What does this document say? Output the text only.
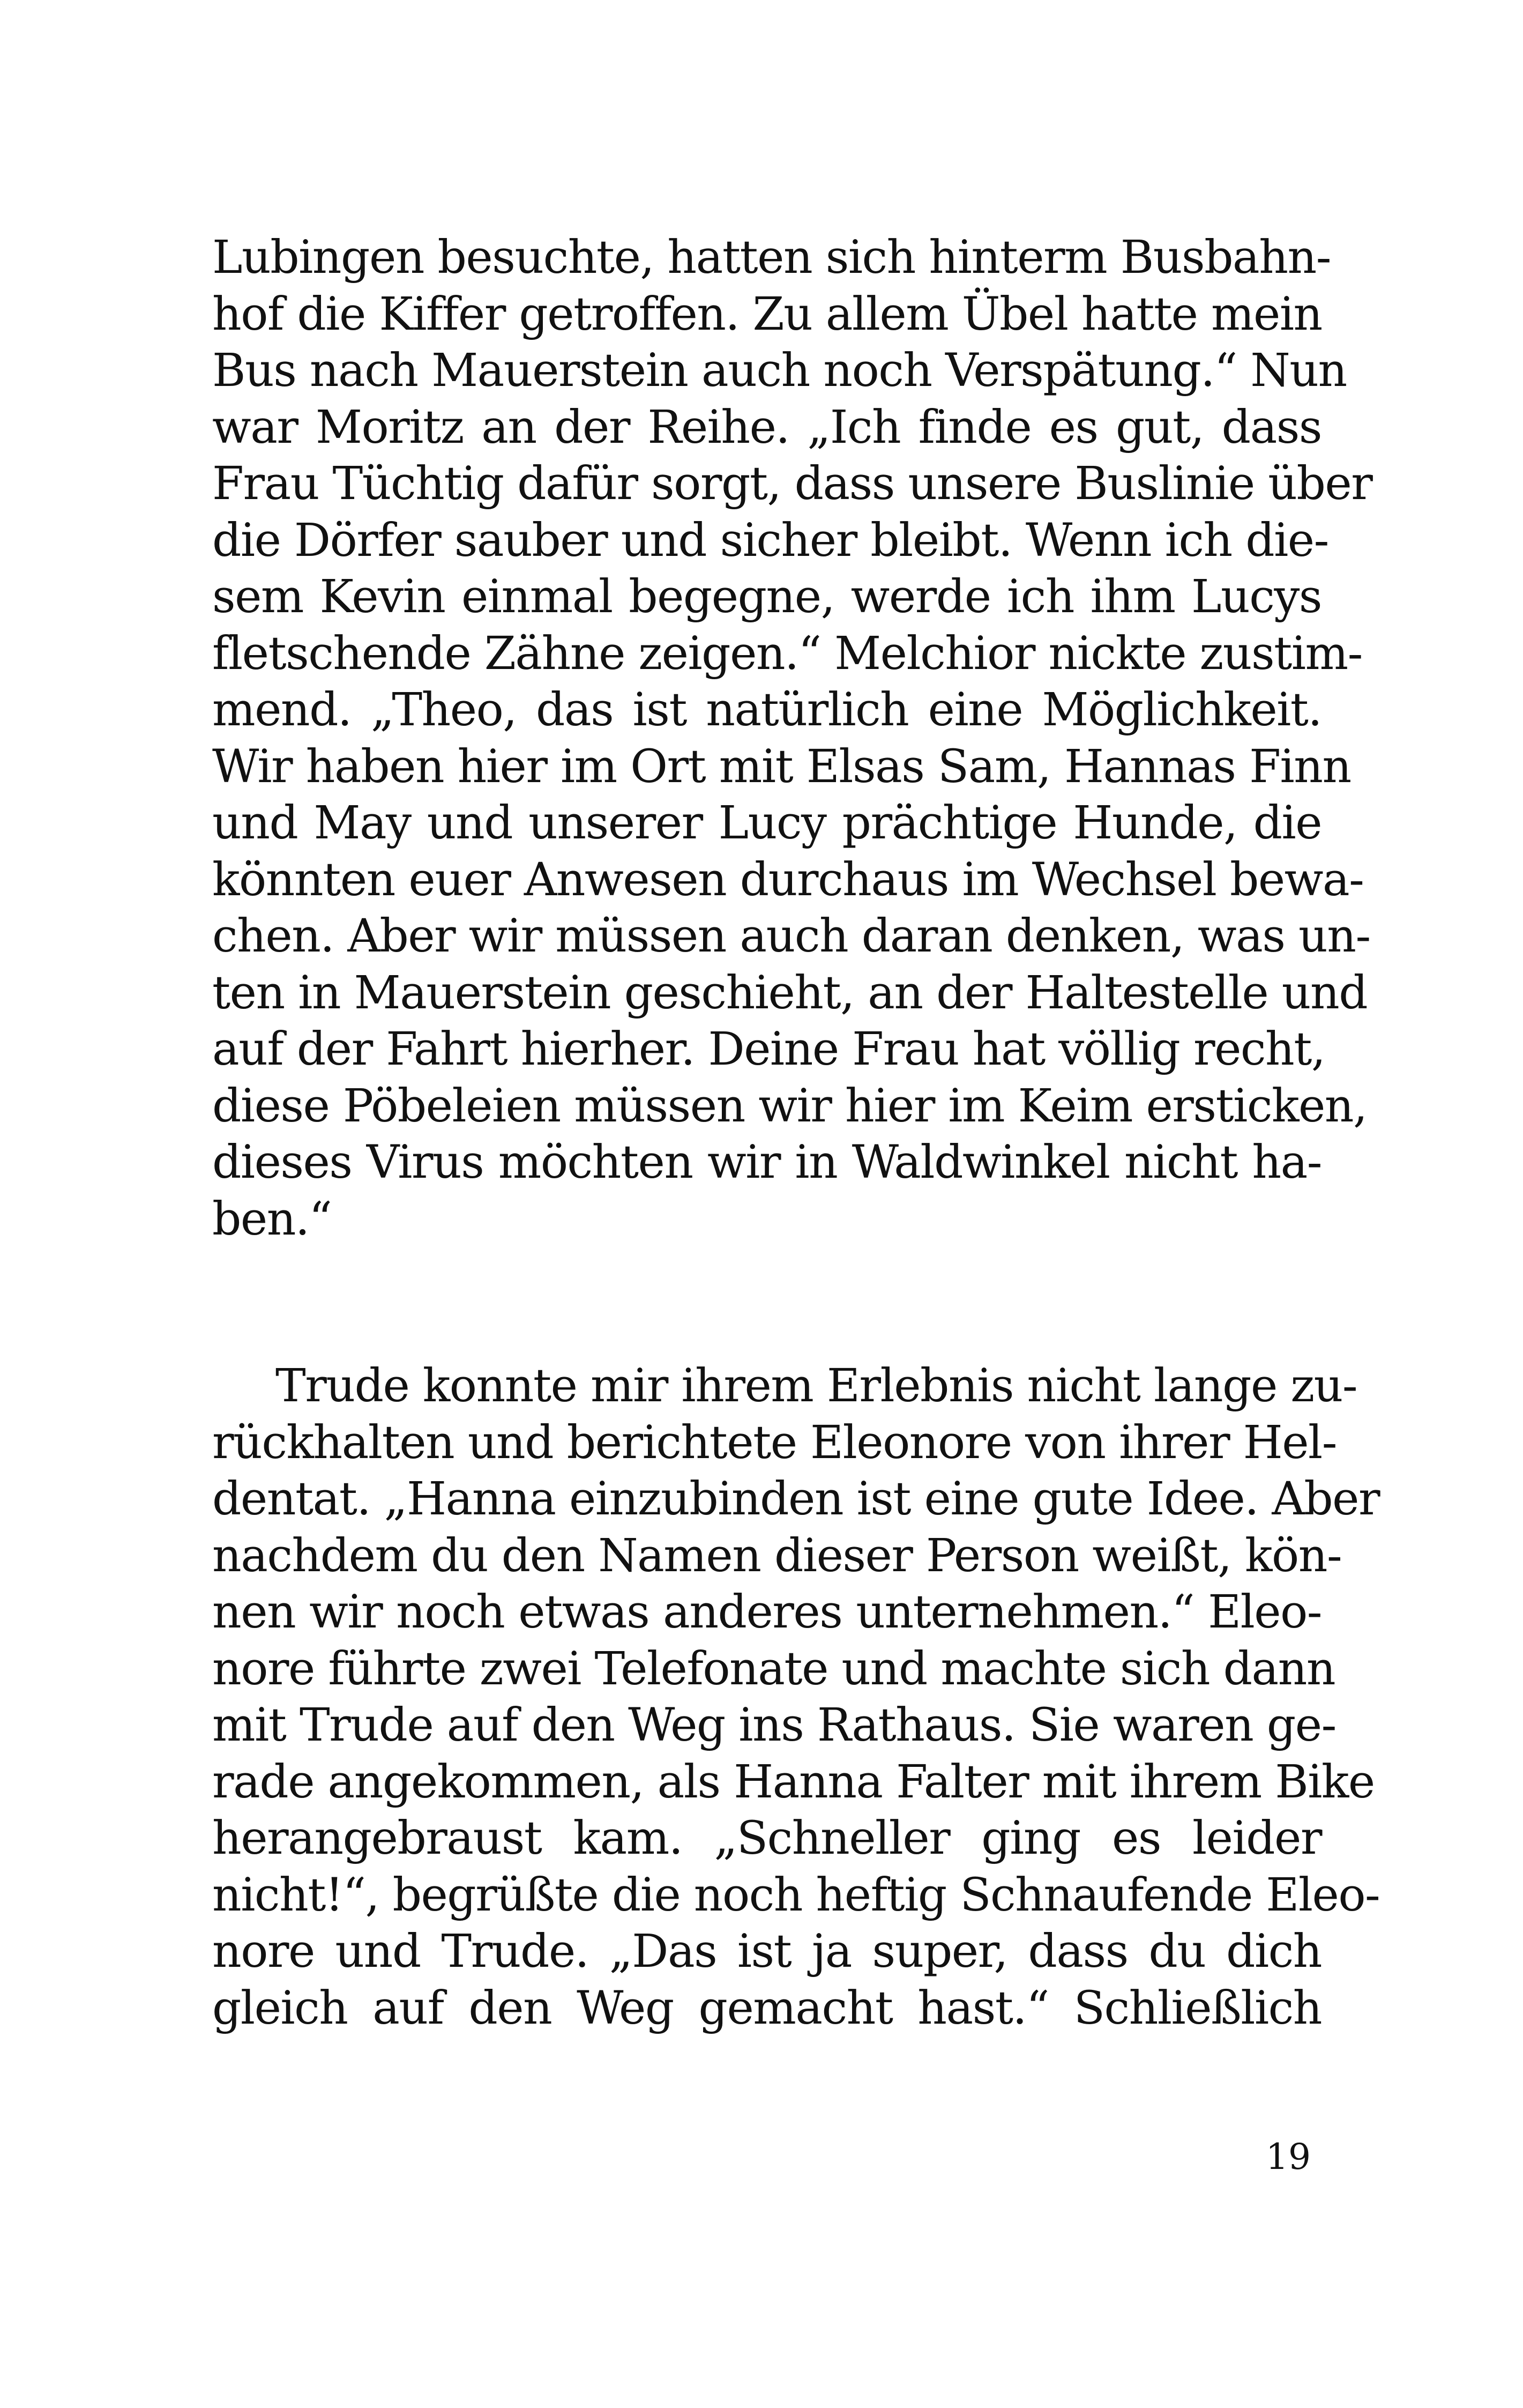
Lubingen besuchte, hatten sich hinterm Busbahn-
hof die Kiffer getroffen. Zu allem Übel hatte mein
Bus nach Mauerstein auch noch Verspätung.“ Nun
war Moritz an der Reihe. „Ich finde es gut, dass
Frau Tüchtig dafür sorgt, dass unsere Buslinie über
die Dörfer sauber und sicher bleibt. Wenn ich die-
sem Kevin einmal begegne, werde ich ihm Lucys
fletschende Zähne zeigen.“ Melchior nickte zustim-
mend. „Theo, das ist natürlich eine Möglichkeit.
Wir haben hier im Ort mit Elsas Sam, Hannas Finn
und May und unserer Lucy prächtige Hunde, die
könnten euer Anwesen durchaus im Wechsel bewa-
chen. Aber wir müssen auch daran denken, was un-
ten in Mauerstein geschieht, an der Haltestelle und
auf der Fahrt hierher. Deine Frau hat völlig recht,
diese Pöbeleien müssen wir hier im Keim ersticken,
dieses Virus möchten wir in Waldwinkel nicht ha-
ben.“
Trude konnte mir ihrem Erlebnis nicht lange zu-
rückhalten und berichtete Eleonore von ihrer Hel-
dentat. „Hanna einzubinden ist eine gute Idee. Aber
nachdem du den Namen dieser Person weißt, kön-
nen wir noch etwas anderes unternehmen.“ Eleo-
nore führte zwei Telefonate und machte sich dann
mit Trude auf den Weg ins Rathaus. Sie waren ge-
rade angekommen, als Hanna Falter mit ihrem Bike
herangebraust kam. „Schneller ging es leider
nicht!“, begrüßte die noch heftig Schnaufende Eleo-
nore und Trude. „Das ist ja super, dass du dich
gleich auf den Weg gemacht hast.“ Schließlich
19
